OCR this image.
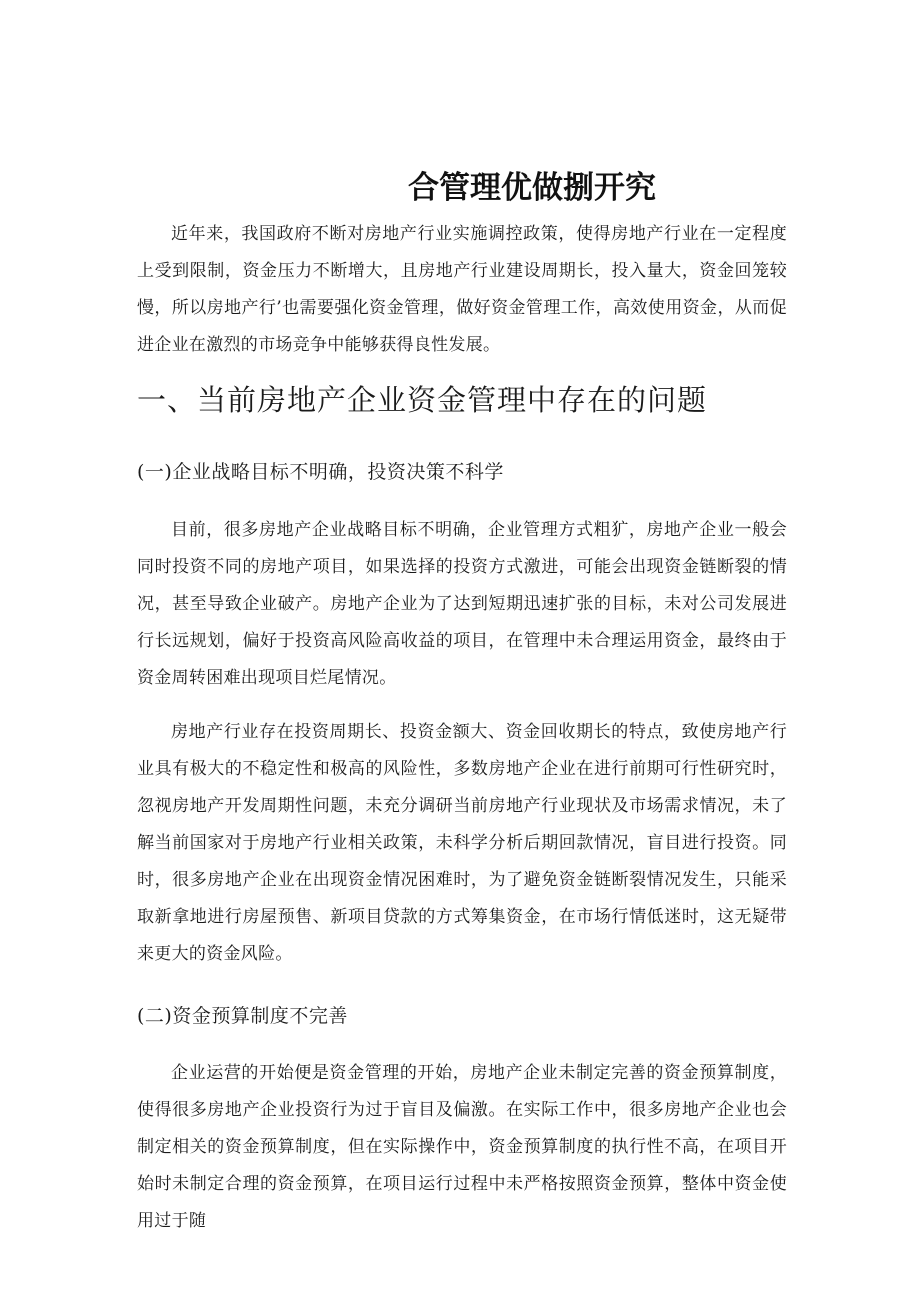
合管理优做捌开究

近年来，我国政府不断对房地产行业实施调控政策，使得房地产行业在一定程度上受到限制，资金压力不断增大，且房地产行业建设周期长，投入量大，资金回笼较慢，所以房地产行’也需要强化资金管理，做好资金管理工作，高效使用资金，从而促进企业在激烈的市场竞争中能够获得良性发展。

一、当前房地产企业资金管理中存在的问题
(一)企业战略目标不明确，投资决策不科学

目前，很多房地产企业战略目标不明确，企业管理方式粗犷，房地产企业一般会同时投资不同的房地产项目，如果选择的投资方式激进，可能会出现资金链断裂的情况，甚至导致企业破产。房地产企业为了达到短期迅速扩张的目标，未对公司发展进行长远规划，偏好于投资高风险高收益的项目，在管理中未合理运用资金，最终由于资金周转困难出现项目烂尾情况。

房地产行业存在投资周期长、投资金额大、资金回收期长的特点，致使房地产行业具有极大的不稳定性和极高的风险性，多数房地产企业在进行前期可行性研究时，忽视房地产开发周期性问题，未充分调研当前房地产行业现状及市场需求情况，未了解当前国家对于房地产行业相关政策，未科学分析后期回款情况，盲目进行投资。同时，很多房地产企业在出现资金情况困难时，为了避免资金链断裂情况发生，只能采取新拿地进行房屋预售、新项目贷款的方式筹集资金，在市场行情低迷时，这无疑带来更大的资金风险。

(二)资金预算制度不完善

企业运营的开始便是资金管理的开始，房地产企业未制定完善的资金预算制度，使得很多房地产企业投资行为过于盲目及偏激。在实际工作中，很多房地产企业也会制定相关的资金预算制度，但在实际操作中，资金预算制度的执行性不高，在项目开始时未制定合理的资金预算，在项目运行过程中未严格按照资金预算，整体中资金使用过于随
